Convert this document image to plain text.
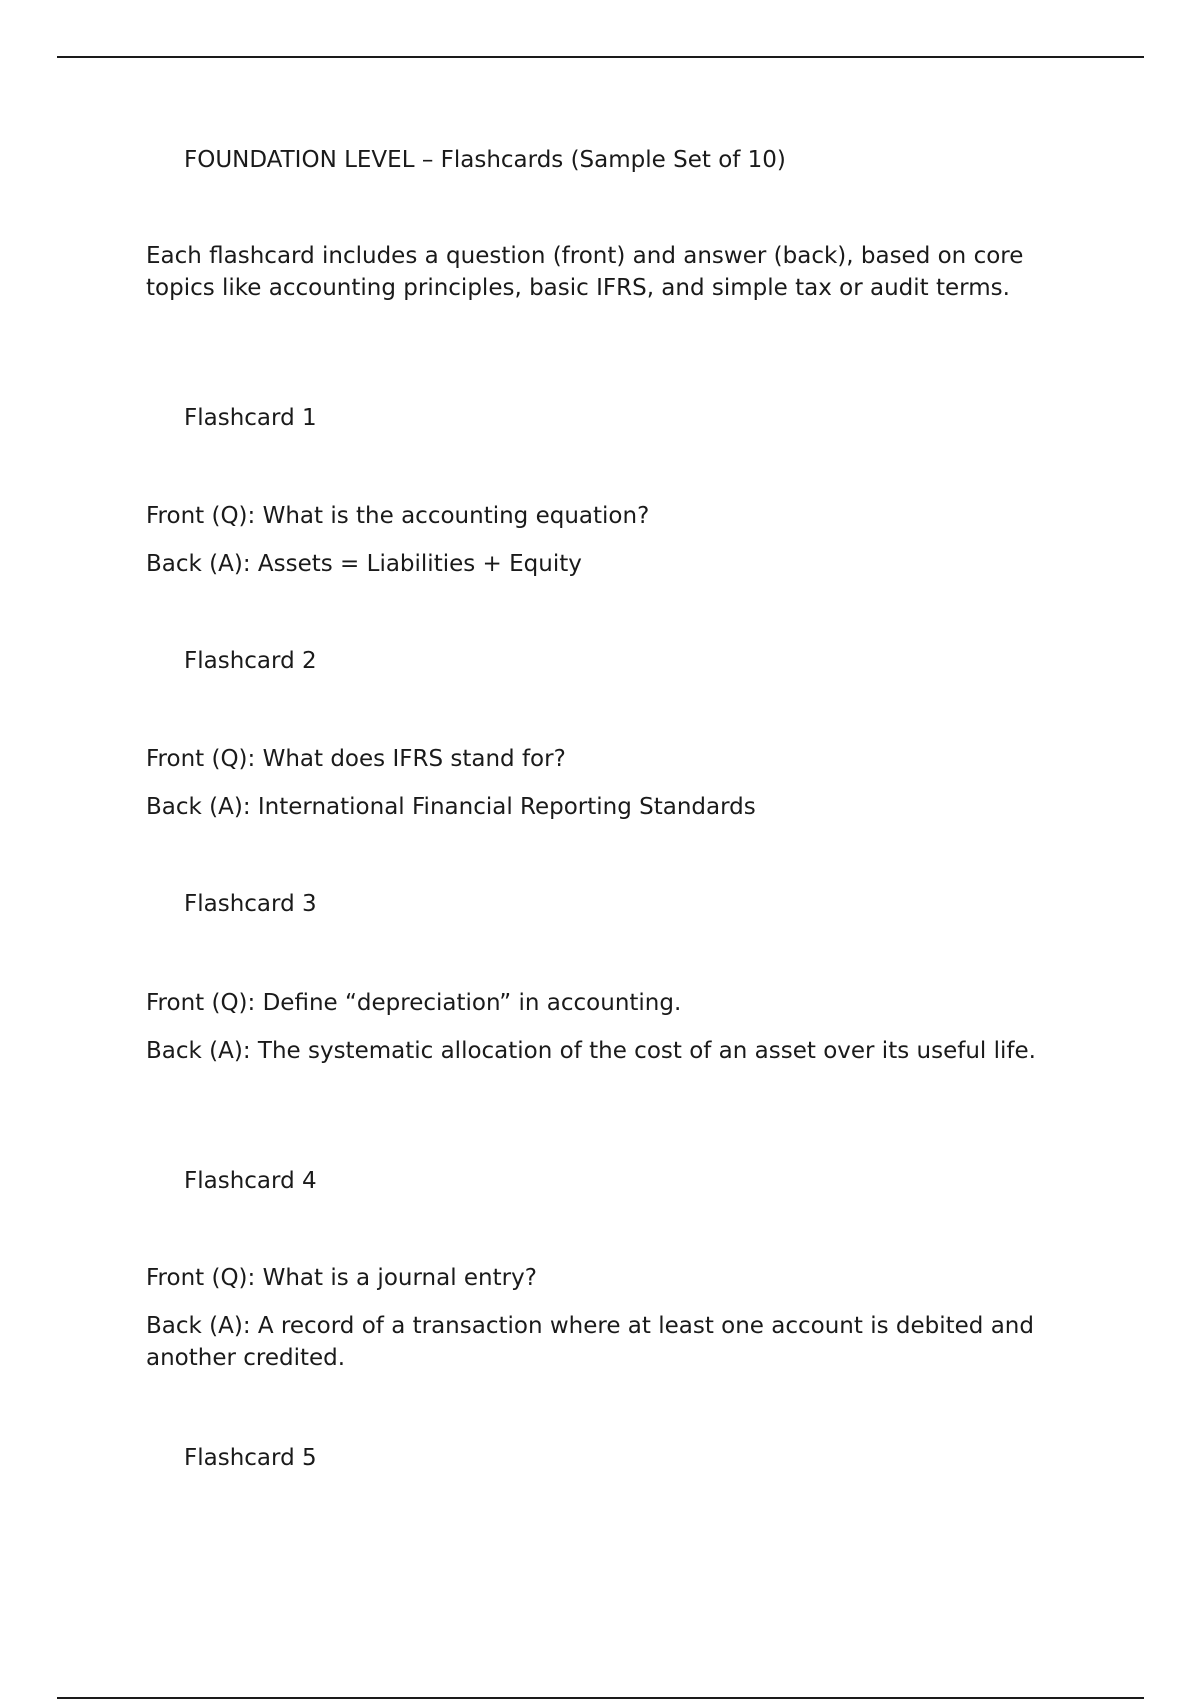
FOUNDATION LEVEL – Flashcards (Sample Set of 10)
Each flashcard includes a question (front) and answer (back), based on core topics like accounting principles, basic IFRS, and simple tax or audit terms.
Flashcard 1
Front (Q): What is the accounting equation?
Back (A): Assets = Liabilities + Equity
Flashcard 2
Front (Q): What does IFRS stand for?
Back (A): International Financial Reporting Standards
Flashcard 3
Front (Q): Define “depreciation” in accounting.
Back (A): The systematic allocation of the cost of an asset over its useful life.
Flashcard 4
Front (Q): What is a journal entry?
Back (A): A record of a transaction where at least one account is debited and another credited.
Flashcard 5
